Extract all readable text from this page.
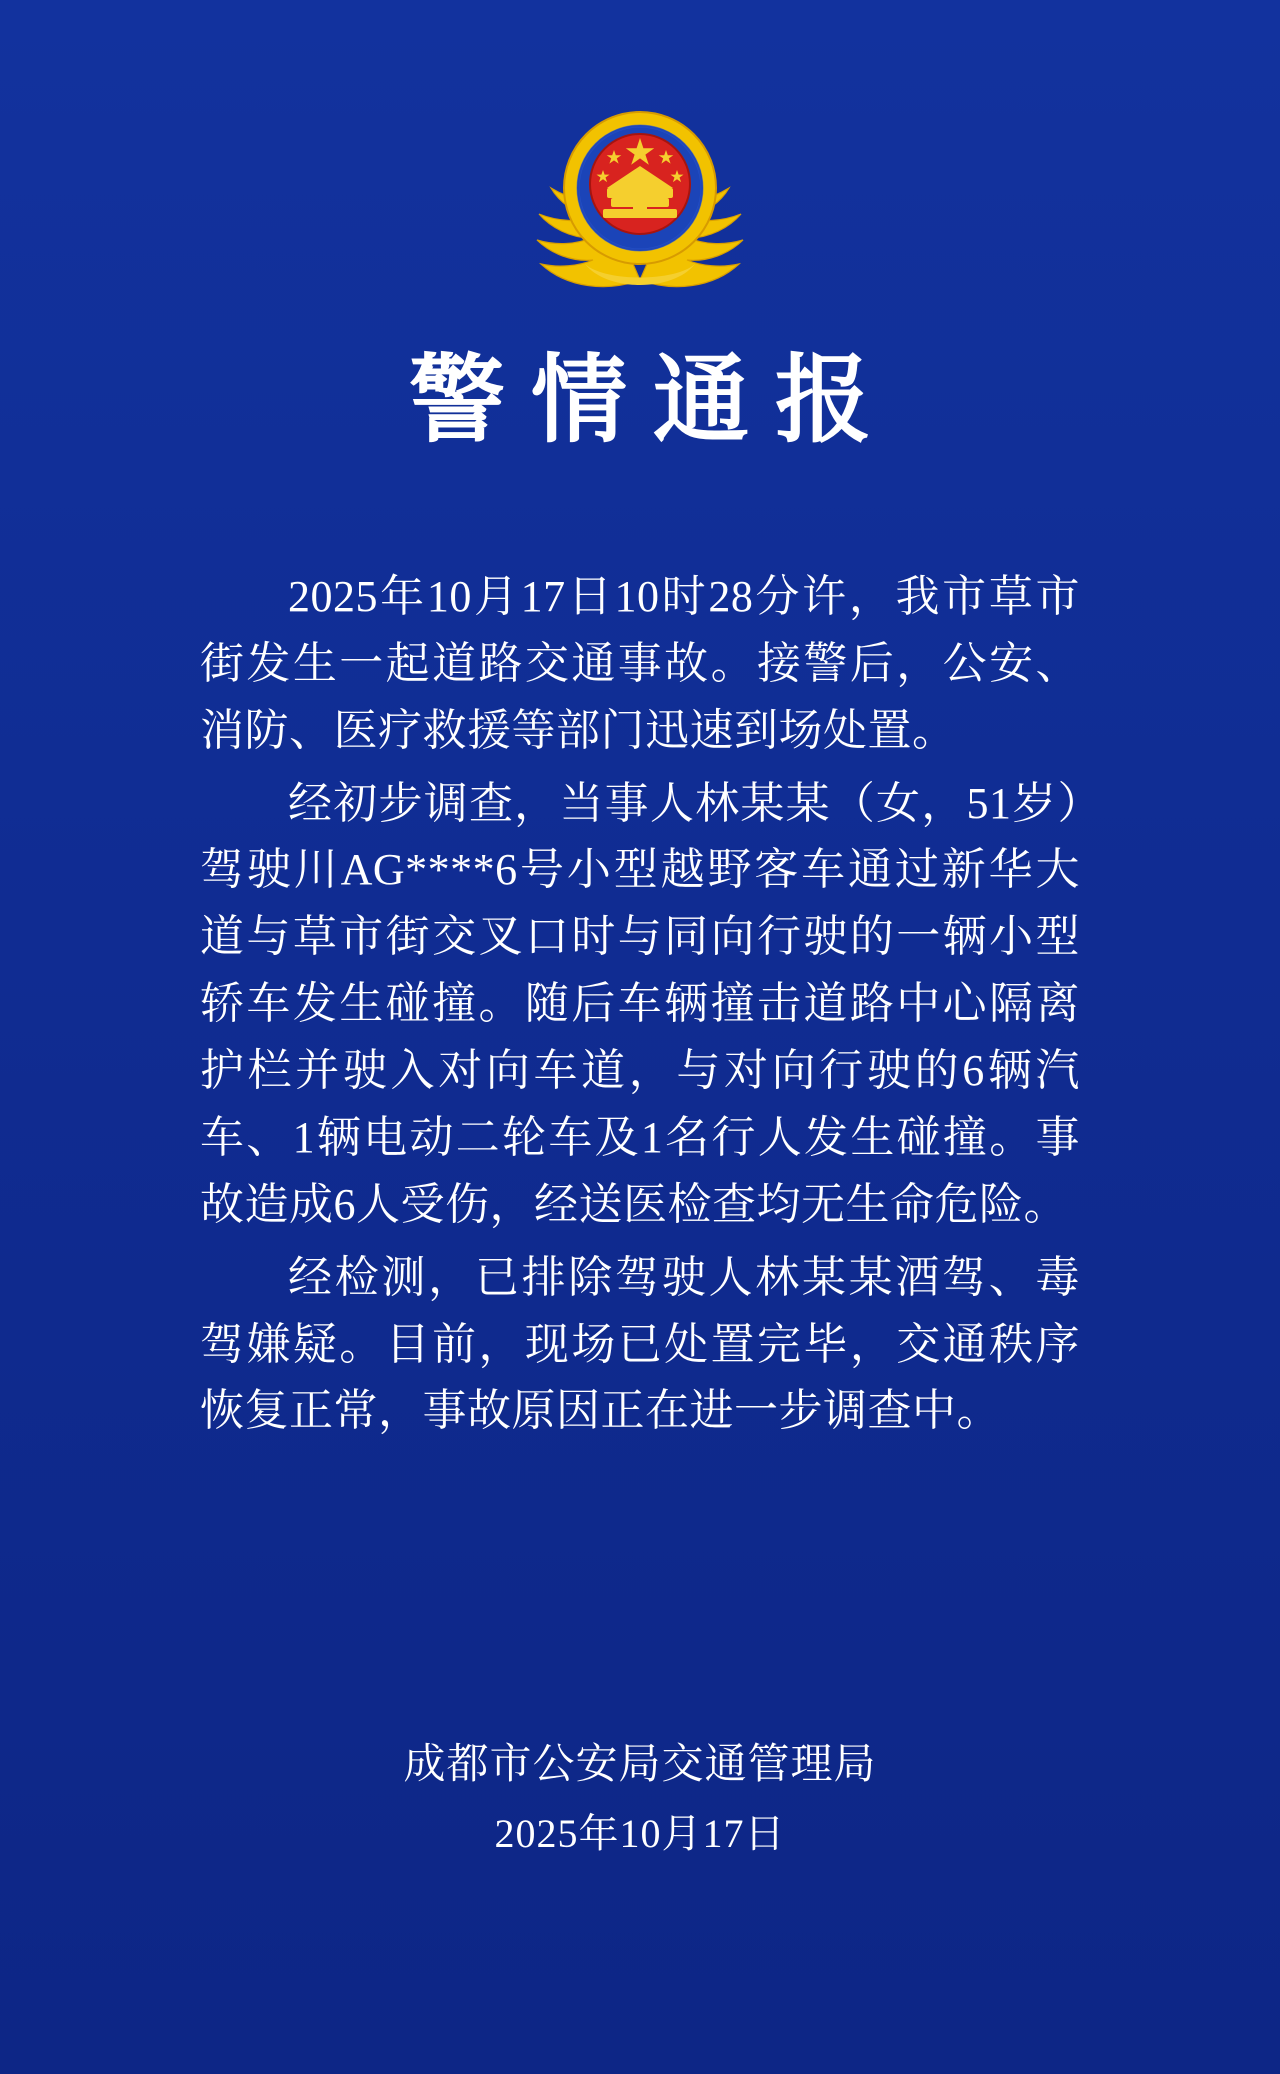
警情通报

2025年10月17日10时28分许，我市草市街发生一起道路交通事故。接警后，公安、消防、医疗救援等部门迅速到场处置。

经初步调查，当事人林某某（女，51岁）驾驶川AG****6号小型越野客车通过新华大道与草市街交叉口时与同向行驶的一辆小型轿车发生碰撞。随后车辆撞击道路中心隔离护栏并驶入对向车道，与对向行驶的6辆汽车、1辆电动二轮车及1名行人发生碰撞。事故造成6人受伤，经送医检查均无生命危险。

经检测，已排除驾驶人林某某酒驾、毒驾嫌疑。目前，现场已处置完毕，交通秩序恢复正常，事故原因正在进一步调查中。

成都市公安局交通管理局
2025年10月17日
